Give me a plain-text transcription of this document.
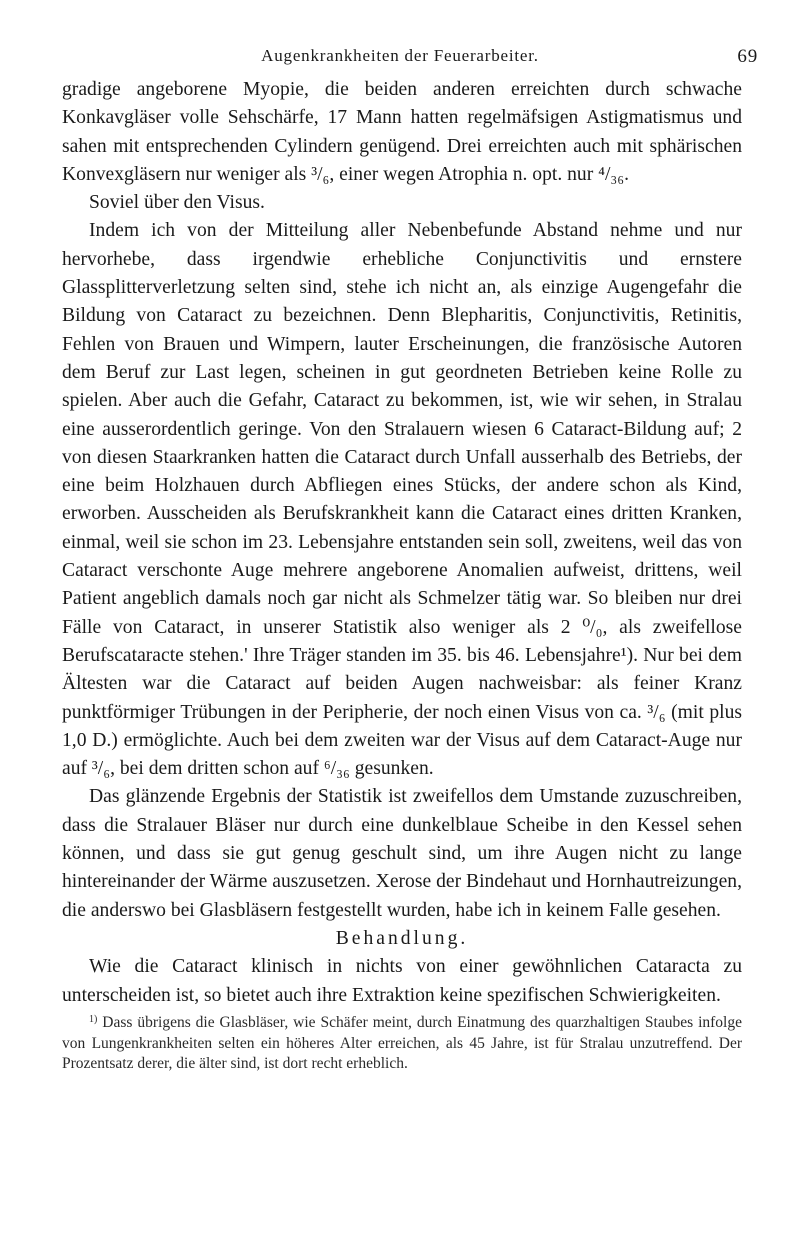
Augenkrankheiten der Feuerarbeiter.	69

gradige angeborene Myopie, die beiden anderen erreichten durch schwache Konkavgläser volle Sehschärfe, 17 Mann hatten regelmäfsigen Astigmatismus und sahen mit entsprechenden Cylindern genügend. Drei erreichten auch mit sphärischen Konvexgläsern nur weniger als ³/₆, einer wegen Atrophia n. opt. nur ⁴/₃₆.

Soviel über den Visus.

Indem ich von der Mitteilung aller Nebenbefunde Abstand nehme und nur hervorhebe, dass irgendwie erhebliche Conjunctivitis und ernstere Glassplitterverletzung selten sind, stehe ich nicht an, als einzige Augengefahr die Bildung von Cataract zu bezeichnen. Denn Blepharitis, Conjunctivitis, Retinitis, Fehlen von Brauen und Wimpern, lauter Erscheinungen, die französische Autoren dem Beruf zur Last legen, scheinen in gut geordneten Betrieben keine Rolle zu spielen. Aber auch die Gefahr, Cataract zu bekommen, ist, wie wir sehen, in Stralau eine ausserordentlich geringe. Von den Stralauern wiesen 6 Cataract-Bildung auf; 2 von diesen Staarkranken hatten die Cataract durch Unfall ausserhalb des Betriebs, der eine beim Holzhauen durch Abfliegen eines Stücks, der andere schon als Kind, erworben. Ausscheiden als Berufskrankheit kann die Cataract eines dritten Kranken, einmal, weil sie schon im 23. Lebensjahre entstanden sein soll, zweitens, weil das von Cataract verschonte Auge mehrere angeborene Anomalien aufweist, drittens, weil Patient angeblich damals noch gar nicht als Schmelzer tätig war. So bleiben nur drei Fälle von Cataract, in unserer Statistik also weniger als 2 ⁰/₀, als zweifellose Berufscataracte stehen.' Ihre Träger standen im 35. bis 46. Lebensjahre¹). Nur bei dem Ältesten war die Cataract auf beiden Augen nachweisbar: als feiner Kranz punktförmiger Trübungen in der Peripherie, der noch einen Visus von ca. ³/₆ (mit plus 1,0 D.) ermöglichte. Auch bei dem zweiten war der Visus auf dem Cataract-Auge nur auf ³/₆, bei dem dritten schon auf ⁶/₃₆ gesunken.

Das glänzende Ergebnis der Statistik ist zweifellos dem Umstande zuzuschreiben, dass die Stralauer Bläser nur durch eine dunkelblaue Scheibe in den Kessel sehen können, und dass sie gut genug geschult sind, um ihre Augen nicht zu lange hintereinander der Wärme auszusetzen. Xerose der Bindehaut und Hornhautreizungen, die anderswo bei Glasbläsern festgestellt wurden, habe ich in keinem Falle gesehen.

Behandlung.

Wie die Cataract klinisch in nichts von einer gewöhnlichen Cataracta zu unterscheiden ist, so bietet auch ihre Extraktion keine spezifischen Schwierigkeiten.

$^{1)}$ Dass übrigens die Glasbläser, wie Schäfer meint, durch Einatmung des quarzhaltigen Staubes infolge von Lungenkrankheiten selten ein höheres Alter erreichen, als 45 Jahre, ist für Stralau unzutreffend. Der Prozentsatz derer, die älter sind, ist dort recht erheblich.
